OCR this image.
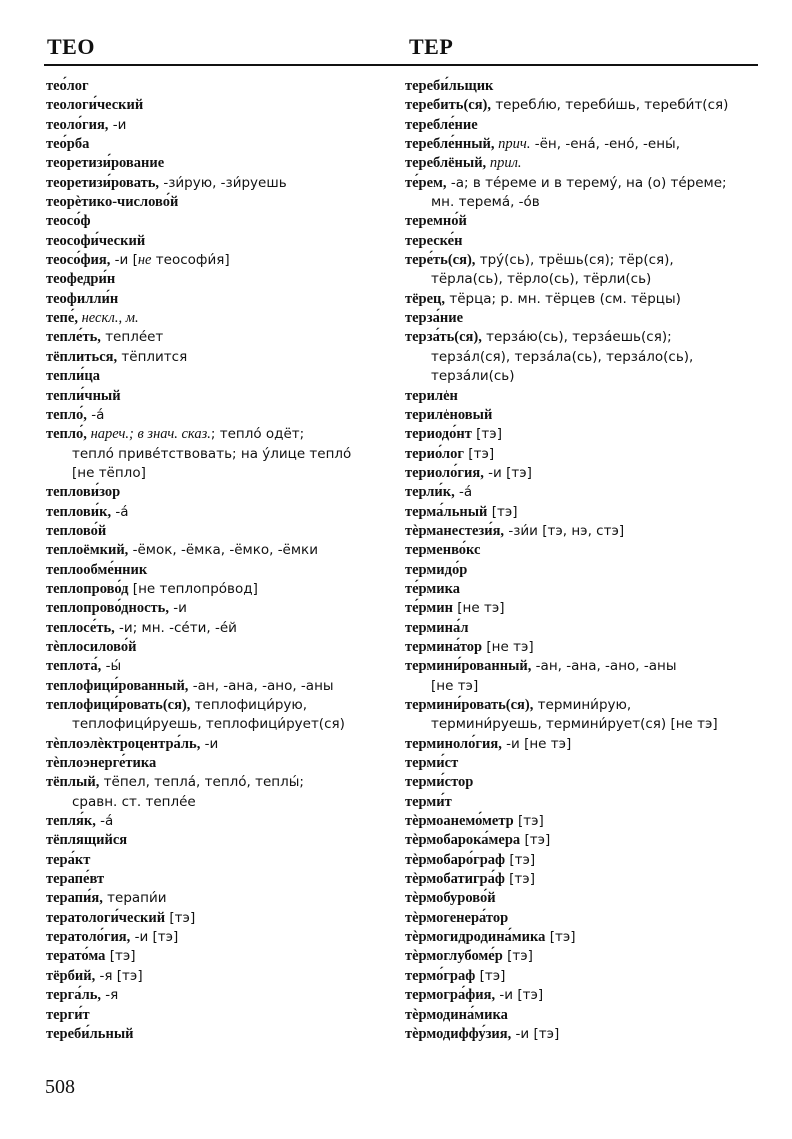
ТЕО	ТЕР
тео́лог
теологи́ческий
теоло́гия, -и
тео́рба
теоретизи́рование
теоретизи́ровать, -зи́рую, -зи́руешь
теорѐтико-числово́й
теосо́ф
теософи́ческий
теосо́фия, -и [не теософи́я]
теофедри́н
теофилли́н
тепе́, нескл., м.
тепле́ть, тепле́ет
тёплиться, тёплится
тепли́ца
тепли́чный
тепло́, -а́
тепло́, нареч.; в знач. сказ.; тепло́ одёт;
тепло́ приве́тствовать; на у́лице тепло́
[не тёпло]
теплови́зор
теплови́к, -а́
теплово́й
теплоёмкий, -ёмок, -ёмка, -ёмко, -ёмки
теплообме́нник
теплопрово́д [не теплопро́вод]
теплопрово́дность, -и
теплосе́ть, -и; мн. -се́ти, -е́й
тѐплосилово́й
теплота́, -ы́
теплофици́рованный, -ан, -ана, -ано, -аны
теплофици́ровать(ся), теплофици́рую,
теплофици́руешь, теплофици́рует(ся)
тѐплоэлѐктроцентра́ль, -и
тѐплоэнерге́тика
тёплый, тёпел, тепла́, тепло́, теплы́;
сравн. ст. тепле́е
тепля́к, -а́
тёплящийся
тера́кт
терапе́вт
терапи́я, терапи́и
тератологи́ческий [тэ]
тератоло́гия, -и [тэ]
терато́ма [тэ]
тёрбий, -я [тэ]
терга́ль, -я
терги́т
тереби́льный
тереби́льщик
теребить(ся), теребл́ю, тереби́шь, тереби́т(ся)
теребле́ние
теребле́нный, прич. -ён, -ена́, -ено́, -ены́,
тереблёный, прил.
те́рем, -а; в те́реме и в терему́, на (о) те́реме;
мн. терема́, -о́в
теремно́й
тереске́н
тере́ть(ся), тру́(сь), трёшь(ся); тёр(ся),
тёрла(сь), тёрло(сь), тёрли(сь)
тёрец, тёрца; р. мн. тёрцев (см. тёрцы)
терза́ние
терза́ть(ся), терза́ю(сь), терза́ешь(ся);
терза́л(ся), терза́ла(сь), терза́ло(сь),
терза́ли(сь)
терилe̍н
терилe̍новый
териодо́нт [тэ]
терио́лог [тэ]
териоло́гия, -и [тэ]
терли́к, -а́
терма́льный [тэ]
тѐрманестези́я, -зи́и [тэ, нэ, стэ]
терменво́кс
термидо́р
те́рмика
те́рмин [не тэ]
термина́л
термина́тор [не тэ]
термини́рованный, -ан, -ана, -ано, -аны
[не тэ]
термини́ровать(ся), термини́рую,
термини́руешь, термини́рует(ся) [не тэ]
терминоло́гия, -и [не тэ]
терми́ст
терми́стор
терми́т
тѐрмоанемо́метр [тэ]
тѐрмобарока́мера [тэ]
тѐрмобаро́граф [тэ]
тѐрмобатигра́ф [тэ]
тѐрмобурово́й
тѐрмогенера́тор
тѐрмогидродина́мика [тэ]
тѐрмоглубоме́р [тэ]
термо́граф [тэ]
термогра́фия, -и [тэ]
тѐрмодина́мика
тѐрмодиффу́зия, -и [тэ]
508
